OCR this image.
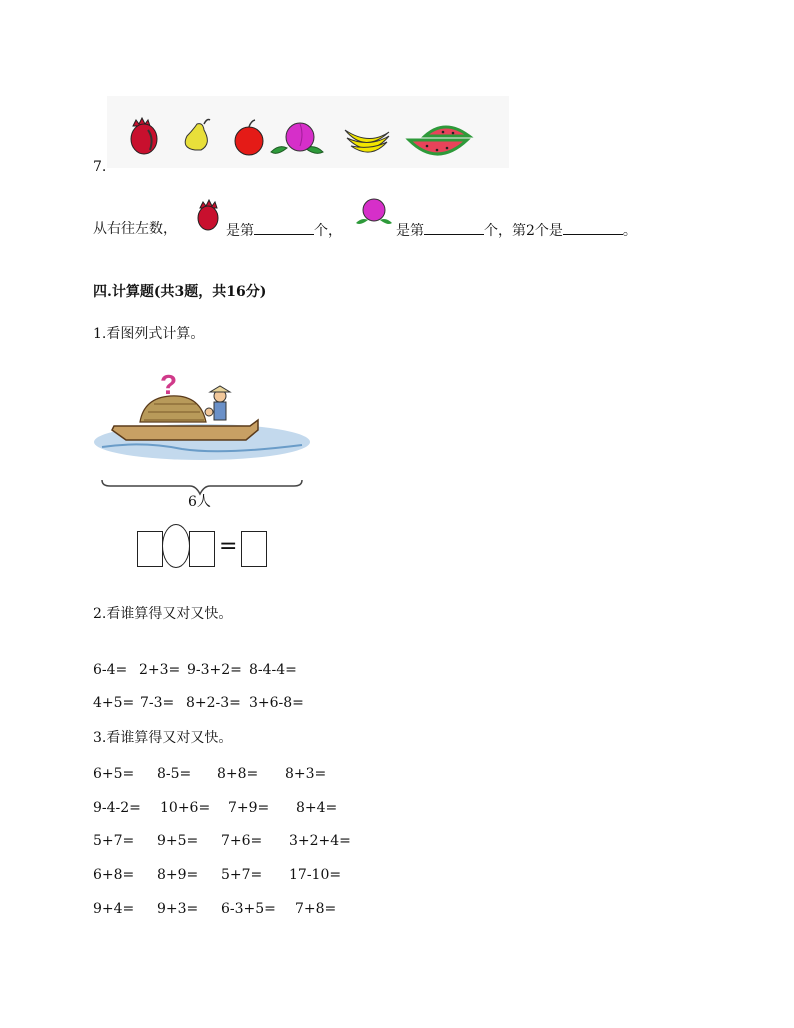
7.
从右往左数，	是第	个，	是第	个，第2个是	。
四.计算题(共3题，共16分)
1.看图列式计算。
?
6人
=
2.看谁算得又对又快。
6-4= 2+3= 9-3+2= 8-4-4=
4+5= 7-3= 8+2-3= 3+6-8=
3.看谁算得又对又快。
6+5= 8-5= 8+8= 8+3=
9-4-2= 10+6= 7+9= 8+4=
5+7= 9+5= 7+6= 3+2+4=
6+8= 8+9= 5+7= 17-10=
9+4= 9+3= 6-3+5= 7+8=
